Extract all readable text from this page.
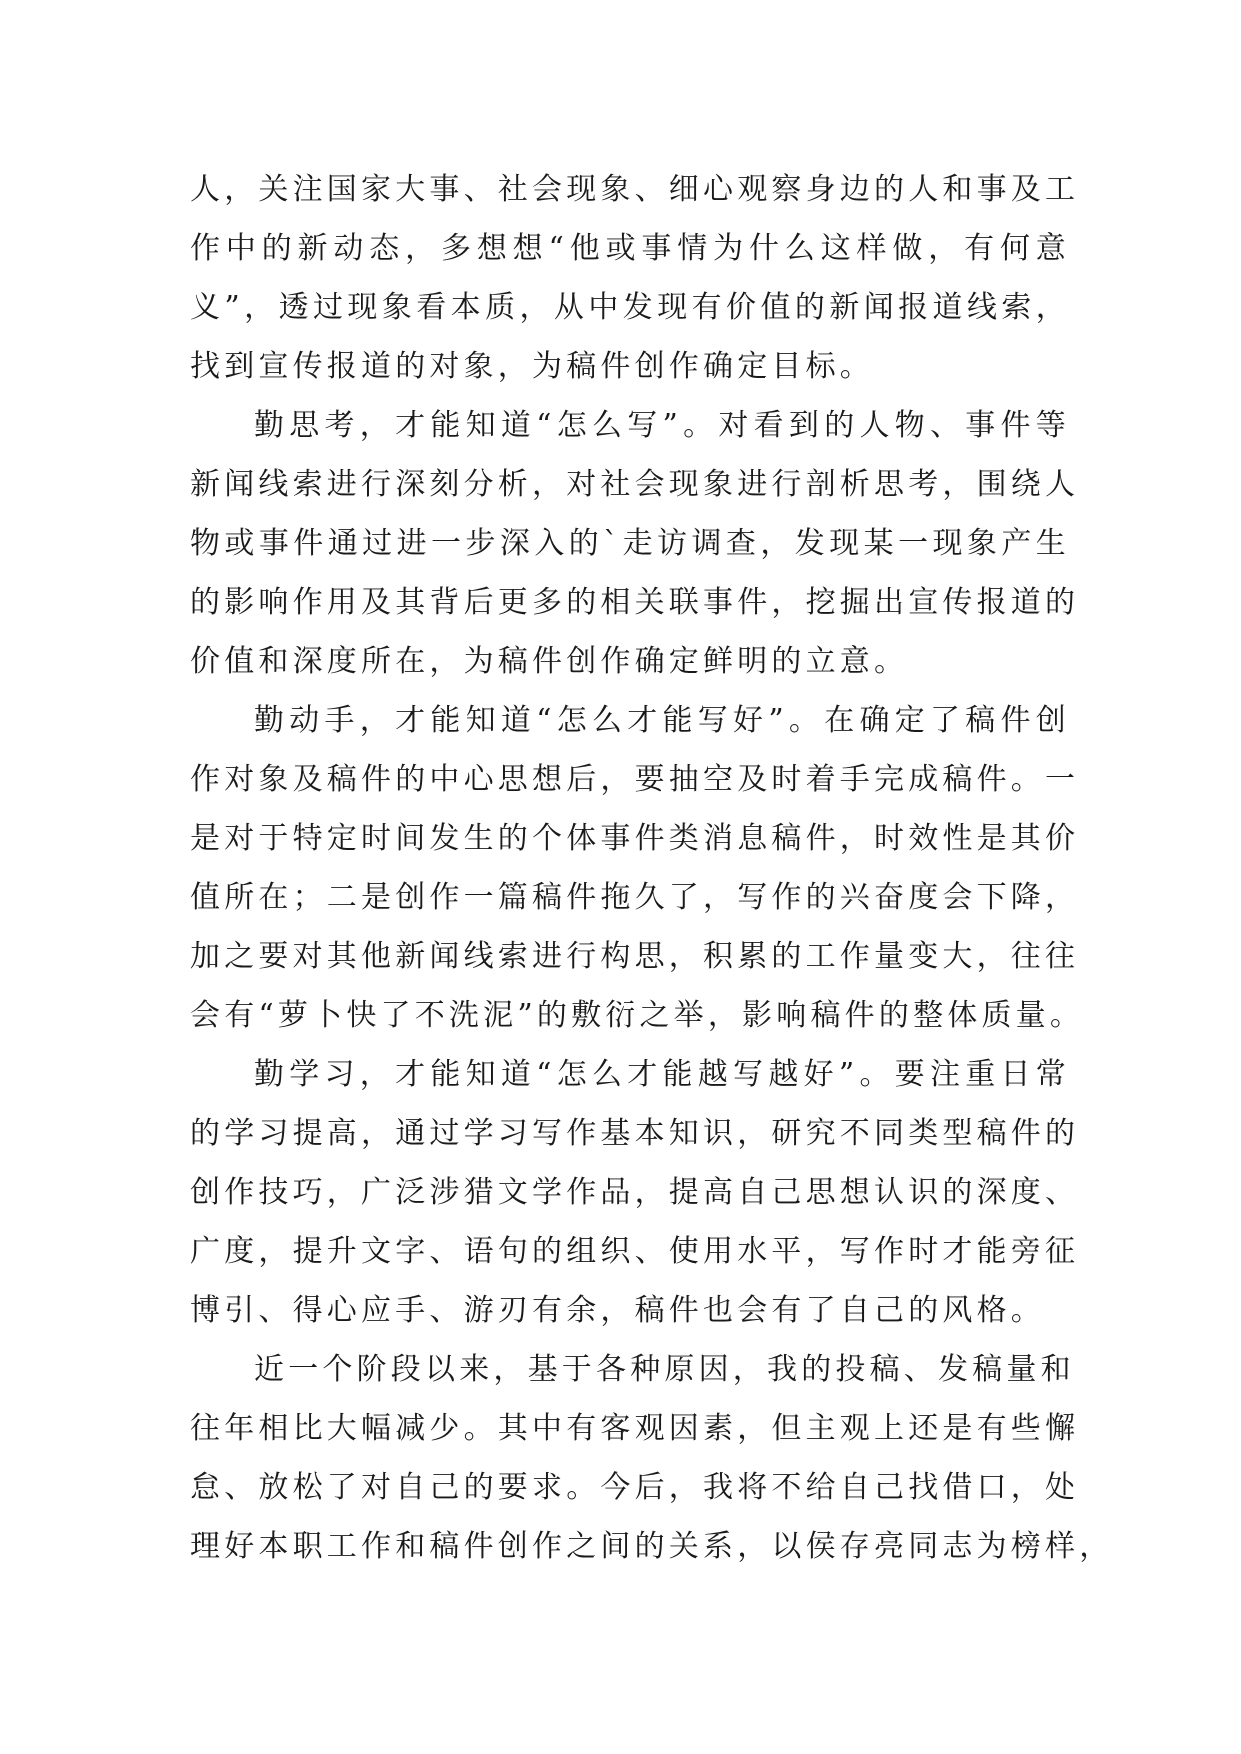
人，关注国家大事、社会现象、细心观察身边的人和事及工
作中的新动态，多想想“他或事情为什么这样做，有何意
义”，透过现象看本质，从中发现有价值的新闻报道线索，
找到宣传报道的对象，为稿件创作确定目标。
勤思考，才能知道“怎么写”。对看到的人物、事件等
新闻线索进行深刻分析，对社会现象进行剖析思考，围绕人
物或事件通过进一步深入的`走访调查，发现某一现象产生
的影响作用及其背后更多的相关联事件，挖掘出宣传报道的
价值和深度所在，为稿件创作确定鲜明的立意。
勤动手，才能知道“怎么才能写好”。在确定了稿件创
作对象及稿件的中心思想后，要抽空及时着手完成稿件。一
是对于特定时间发生的个体事件类消息稿件，时效性是其价
值所在；二是创作一篇稿件拖久了，写作的兴奋度会下降，
加之要对其他新闻线索进行构思，积累的工作量变大，往往
会有“萝卜快了不洗泥”的敷衍之举，影响稿件的整体质量。
勤学习，才能知道“怎么才能越写越好”。要注重日常
的学习提高，通过学习写作基本知识，研究不同类型稿件的
创作技巧，广泛涉猎文学作品，提高自己思想认识的深度、
广度，提升文字、语句的组织、使用水平，写作时才能旁征
博引、得心应手、游刃有余，稿件也会有了自己的风格。
近一个阶段以来，基于各种原因，我的投稿、发稿量和
往年相比大幅减少。其中有客观因素，但主观上还是有些懈
怠、放松了对自己的要求。今后，我将不给自己找借口，处
理好本职工作和稿件创作之间的关系，以侯存亮同志为榜样，
